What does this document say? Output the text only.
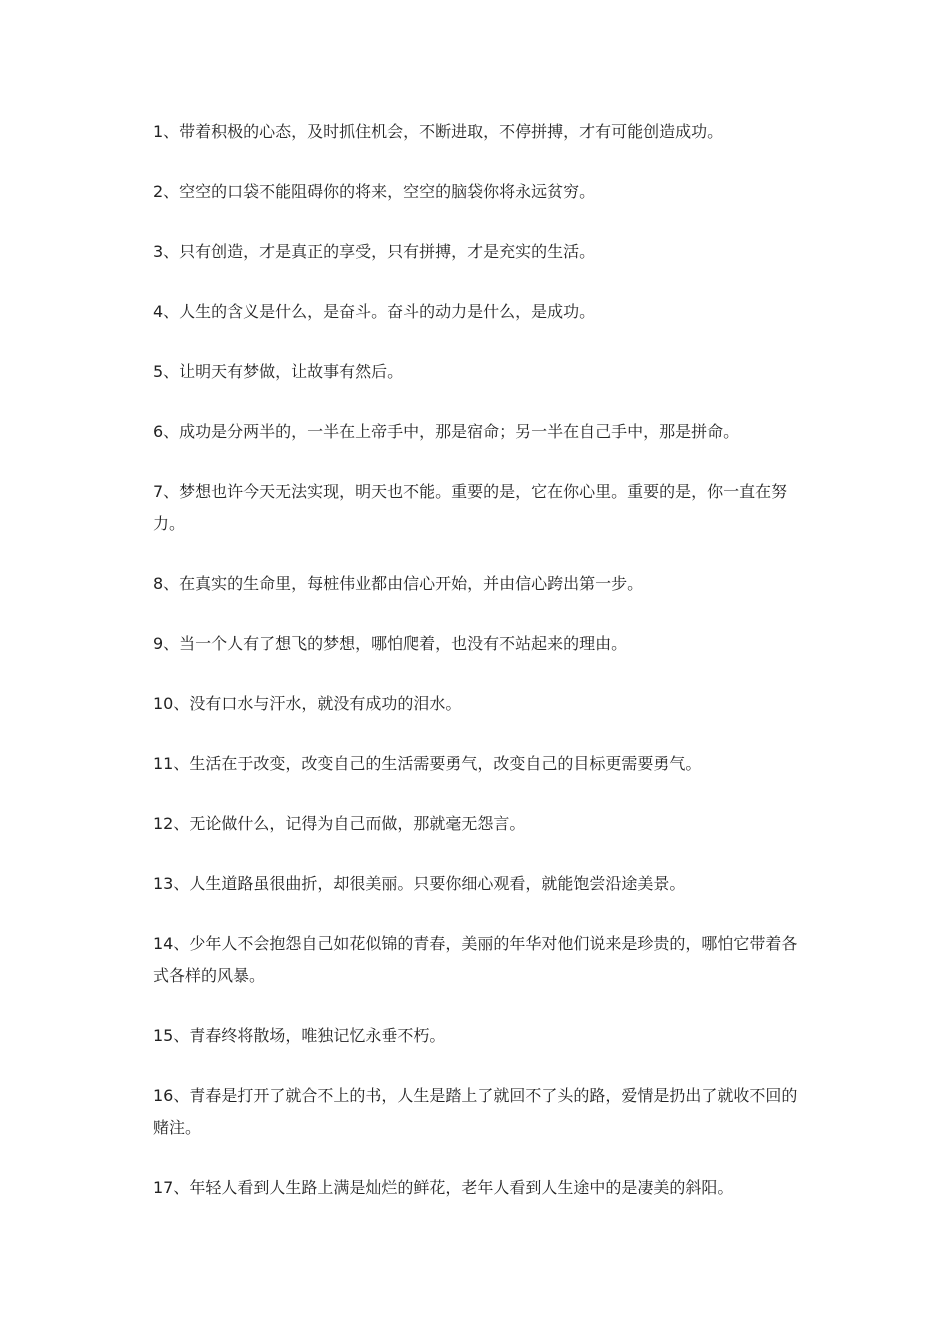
1、带着积极的心态，及时抓住机会，不断进取，不停拼搏，才有可能创造成功。

2、空空的口袋不能阻碍你的将来，空空的脑袋你将永远贫穷。

3、只有创造，才是真正的享受，只有拼搏，才是充实的生活。

4、人生的含义是什么，是奋斗。奋斗的动力是什么，是成功。

5、让明天有梦做，让故事有然后。

6、成功是分两半的，一半在上帝手中，那是宿命；另一半在自己手中，那是拼命。

7、梦想也许今天无法实现，明天也不能。重要的是，它在你心里。重要的是，你一直在努力。

8、在真实的生命里，每桩伟业都由信心开始，并由信心跨出第一步。

9、当一个人有了想飞的梦想，哪怕爬着，也没有不站起来的理由。

10、没有口水与汗水，就没有成功的泪水。

11、生活在于改变，改变自己的生活需要勇气，改变自己的目标更需要勇气。

12、无论做什么，记得为自己而做，那就毫无怨言。

13、人生道路虽很曲折，却很美丽。只要你细心观看，就能饱尝沿途美景。

14、少年人不会抱怨自己如花似锦的青春，美丽的年华对他们说来是珍贵的，哪怕它带着各式各样的风暴。

15、青春终将散场，唯独记忆永垂不朽。

16、青春是打开了就合不上的书，人生是踏上了就回不了头的路，爱情是扔出了就收不回的赌注。

17、年轻人看到人生路上满是灿烂的鲜花，老年人看到人生途中的是凄美的斜阳。
